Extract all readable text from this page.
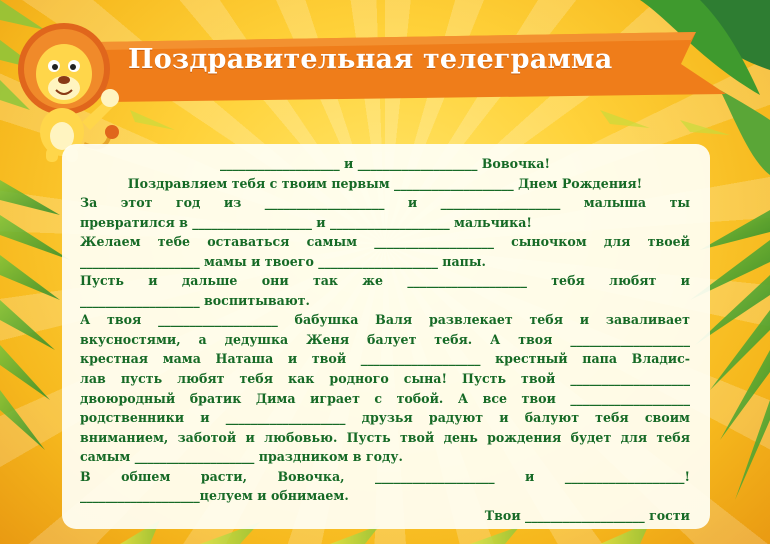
Поздравительная телеграмма
___________________ и ___________________ Вовочка!
Поздравляем тебя с твоим первым ___________________ Днем Рождения!
За этот год из ___________________ и ___________________ малыша ты
превратился в ___________________ и ___________________ мальчика!
Желаем тебе оставаться самым ___________________ сыночком для твоей
___________________ мамы и твоего ___________________ папы.
Пусть и дальше они так же ___________________ тебя любят и
___________________ воспитывают.
А твоя ___________________ бабушка Валя развлекает тебя и заваливает
вкусностями, а дедушка Женя балует тебя. А твоя ___________________
крестная мама Наташа и твой ___________________ крестный папа Владис-
лав пусть любят тебя как родного сына! Пусть твой ___________________
двоюродный братик Дима играет с тобой. А все твои ___________________
родственники и ___________________ друзья радуют и балуют тебя своим
вниманием, заботой и любовью. Пусть твой день рождения будет для тебя
самым ___________________ праздником в году.
В обшем расти, Вовочка, ___________________ и ___________________!
___________________целуем и обнимаем.
Твои ___________________ гости
